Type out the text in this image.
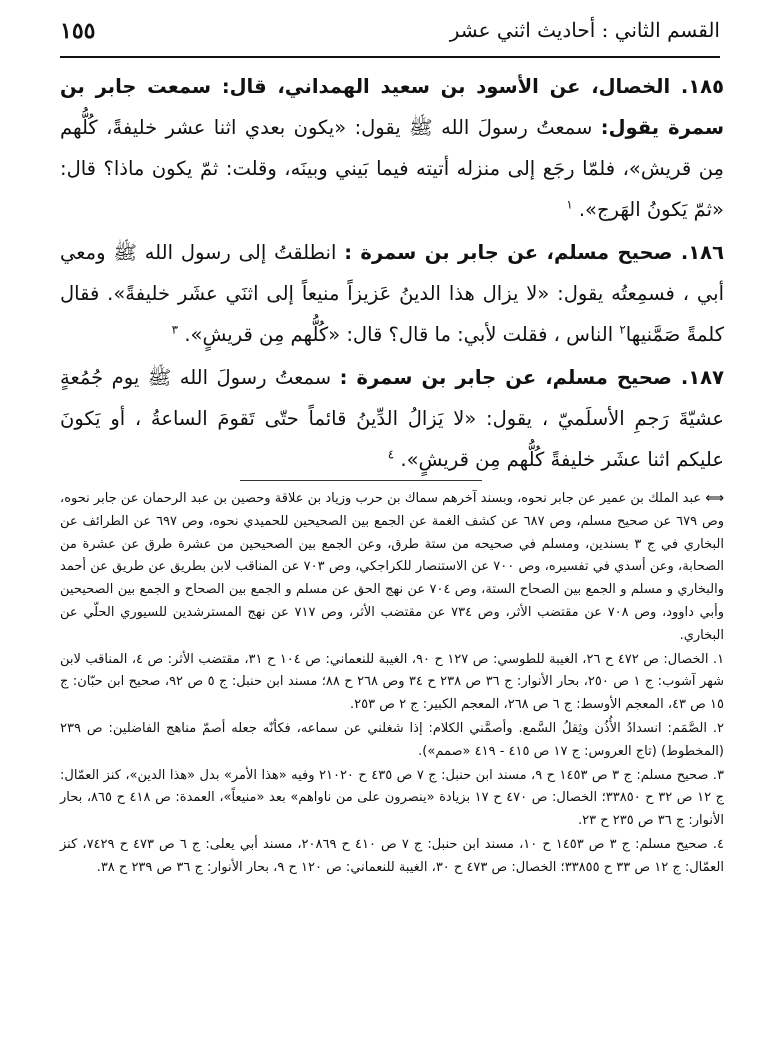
القسم الثاني : أحاديث اثني عشر
١٥٥

١٨٥. الخصال، عن الأسود بن سعيد الهمداني، قال: سمعت جابر بن سمرة يقول: سمعتُ رسولَ الله ﷺ يقول: «يكون بعدي اثنا عشر خليفةً، كُلُّهم مِن قريش»، فلمّا رجَع إلى منزله أتيته فيما بَيني وبينَه، وقلت: ثمّ يكون ماذا؟ قال: «ثمّ يَكونُ الهَرج». $^١$

١٨٦. صحيح مسلم، عن جابر بن سمرة : انطلقتُ إلى رسول الله ﷺ ومعي أبي ، فسمِعتُه يقول: «لا يزال هذا الدينُ عَزيزاً منيعاً إلى اثنَي عشَر خليفةً». فقال كلمةً صَمَّنيها$^٢$ الناس ، فقلت لأبي: ما قال؟ قال: «كُلُّهم مِن قريشٍ». $^٣$

١٨٧. صحيح مسلم، عن جابر بن سمرة : سمعتُ رسولَ الله ﷺ يوم جُمُعةٍ عشيّةَ رَجمِ الأسلَميّ ، يقول: «لا يَزالُ الدِّينُ قائماً حتّى تَقومَ الساعةُ ، أو يَكونَ عليكم اثنا عشَر خليفةً كُلُّهم مِن قريشٍ». $^٤$

⟺ عبد الملك بن عمير عن جابر نحوه، وبسند آخرهم سماك بن حرب وزياد بن علاقة وحصين بن عبد الرحمان عن جابر نحوه، وص ٦٧٩ عن صحيح مسلم، وص ٦٨٧ عن كشف الغمة عن الجمع بين الصحيحين للحميدي نحوه، وص ٦٩٧ عن الطرائف عن البخاري في ج ٣ بسندين، ومسلم في صحيحه من ستة طرق، وعن الجمع بين الصحيحين من عشرة طرق عن عشرة من الصحابة، وعن أسدي في تفسيره، وص ٧٠٠ عن الاستنصار للكراجكي، وص ٧٠٣ عن المناقب لابن بطريق عن طريق عن أحمد والبخاري و مسلم و الجمع بين الصحاح الستة، وص ٧٠٤ عن نهج الحق عن مسلم و الجمع بين الصحاح و الجمع بين الصحيحين وأبي داوود، وص ٧٠٨ عن مقتضب الأثر، وص ٧٣٤ عن مقتضب الأثر، وص ٧١٧ عن نهج المسترشدين للسيوري الحلّي عن البخاري.

١. الخصال: ص ٤٧٢ ح ٢٦، الغيبة للطوسي: ص ١٢٧ ح ٩٠، الغيبة للنعماني: ص ١٠٤ ح ٣١، مقتضب الأثر: ص ٤، المناقب لابن شهر آشوب: ج ١ ص ٢٥٠، بحار الأنوار: ج ٣٦ ص ٢٣٨ ح ٣٤ وص ٢٦٨ ح ٨٨؛ مسند ابن حنبل: ج ٥ ص ٩٢، صحيح ابن حبّان: ج ١٥ ص ٤٣، المعجم الأوسط: ج ٦ ص ٢٦٨، المعجم الكبير: ج ٢ ص ٢٥٣.

٢. الصَّمَم: انسدادُ الأُذُن وثِقلُ السَّمع. وأصمَّني الكلام: إذا شغلني عن سماعه، فكأنّه جعله أصمّ مناهج الفاضلين: ص ٢٣٩ (المخطوط) (تاج العروس: ج ١٧ ص ٤١٥ - ٤١٩ «صمم»).

٣. صحيح مسلم: ج ٣ ص ١٤٥٣ ح ٩، مسند ابن حنبل: ج ٧ ص ٤٣٥ ح ٢١٠٢٠ وفيه «هذا الأمر» بدل «هذا الدين»، كنز العمّال: ج ١٢ ص ٣٢ ح ٣٣٨٥٠؛ الخصال: ص ٤٧٠ ح ١٧ بزيادة «ينصرون على من ناواهم» بعد «منيعاً»، العمدة: ص ٤١٨ ح ٨٦٥، بحار الأنوار: ج ٣٦ ص ٢٣٥ ح ٢٣.

٤. صحيح مسلم: ج ٣ ص ١٤٥٣ ح ١٠، مسند ابن حنبل: ج ٧ ص ٤١٠ ح ٢٠٨٦٩، مسند أبي يعلى: ج ٦ ص ٤٧٣ ح ٧٤٢٩، كنز العمّال: ج ١٢ ص ٣٣ ح ٣٣٨٥٥؛ الخصال: ص ٤٧٣ ح ٣٠، الغيبة للنعماني: ص ١٢٠ ح ٩، بحار الأنوار: ج ٣٦ ص ٢٣٩ ح ٣٨.
